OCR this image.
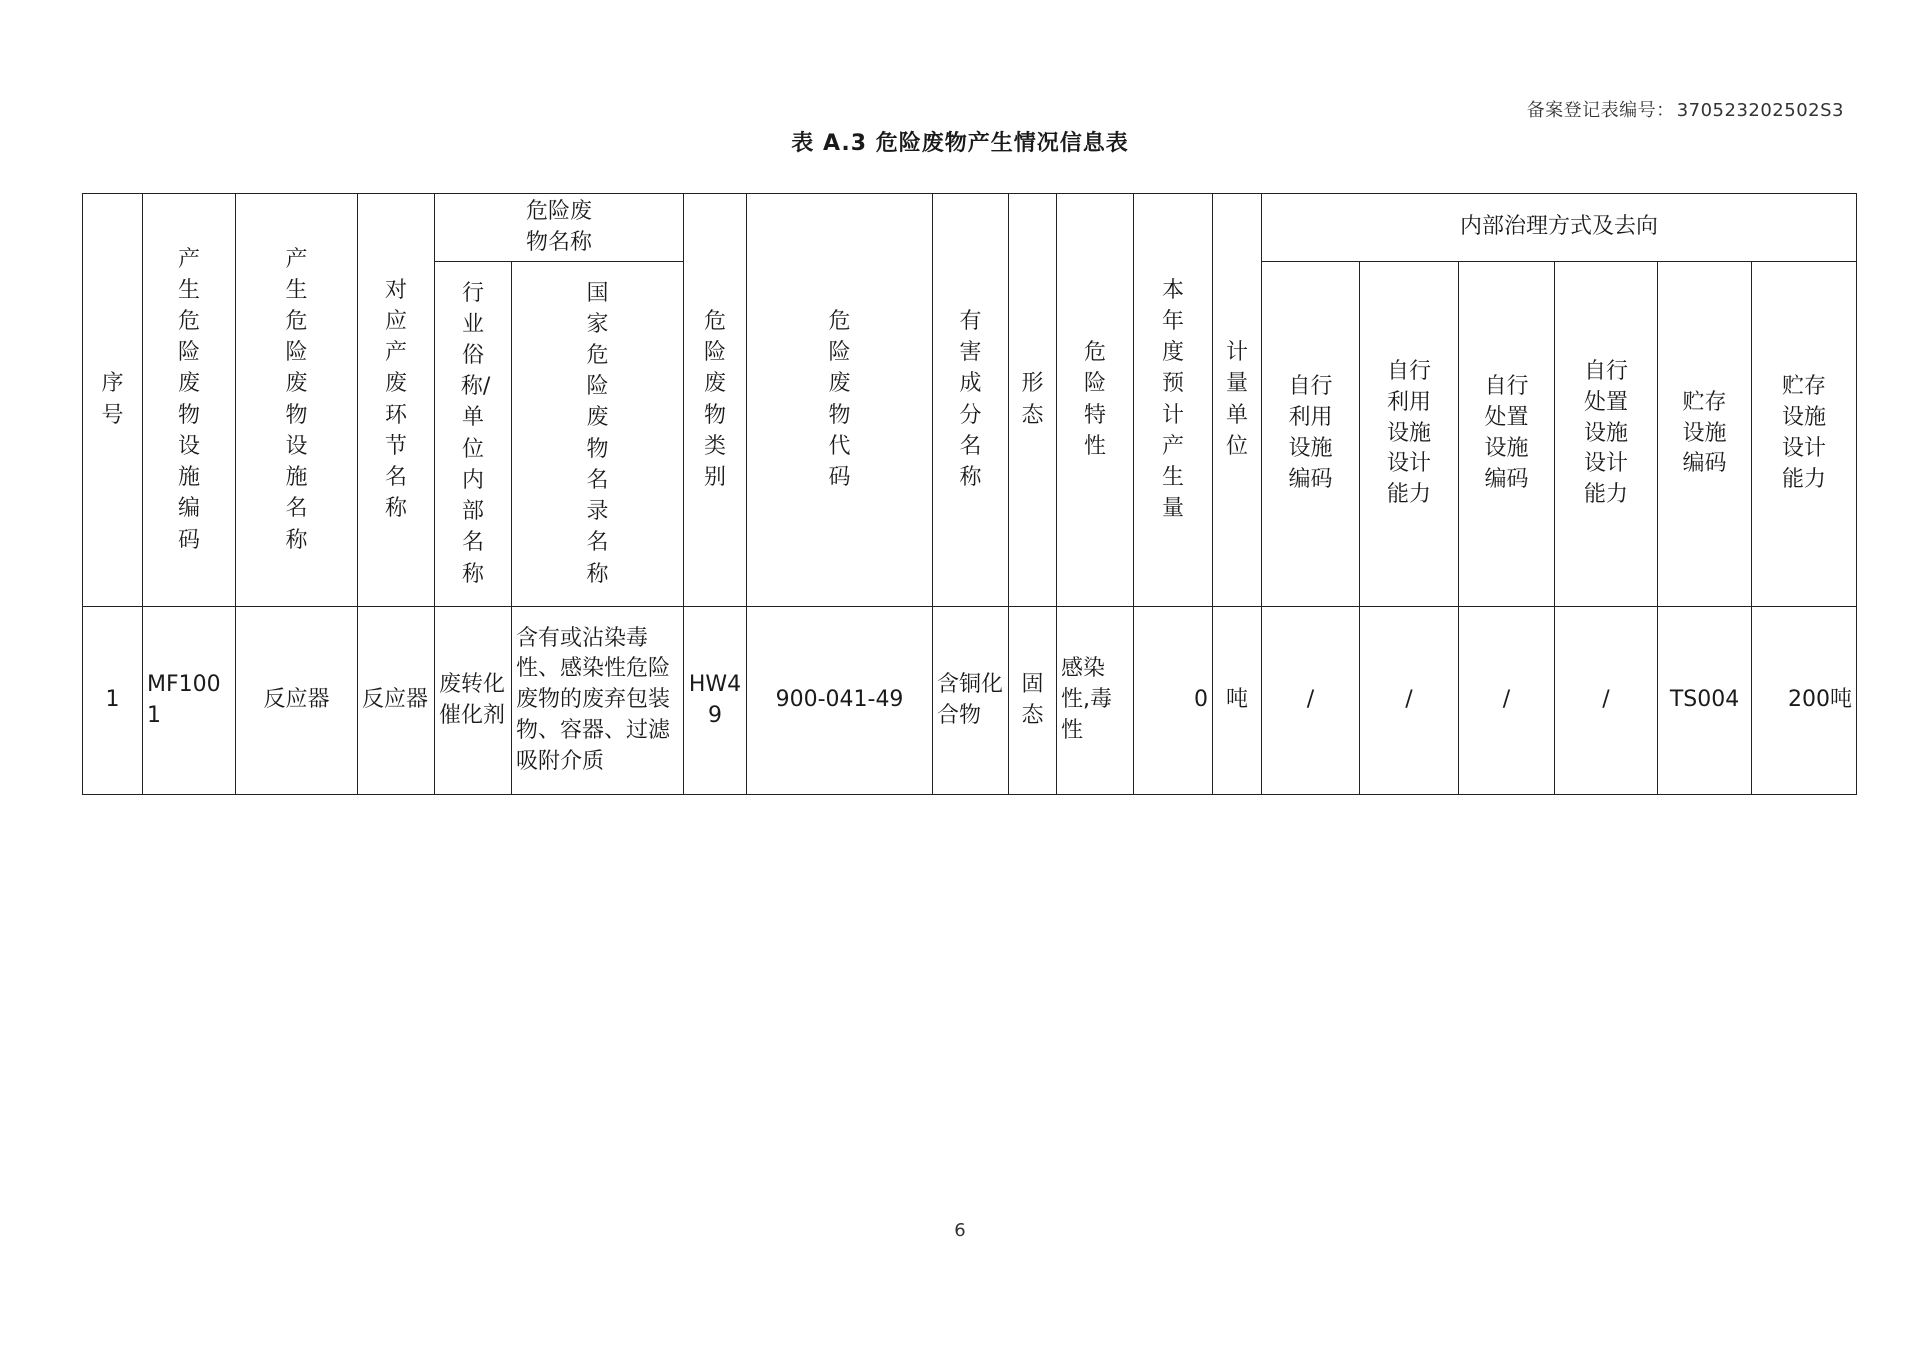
备案登记表编号： 370523202502S3
表 A.3 危险废物产生情况信息表
序号	产生危险废物设施编码	产生危险废物设施名称	对应产废环节名称	危险废物名称		危险废物类别	危险废物代码	有害成分名称	形态	危险特性	本年度预计产生量	计量单位	内部治理方式及去向					
				行业俗称/单位内部名称	国家危险废物名录名称								自行利用设施编码	自行利用设施设计能力	自行处置设施编码	自行处置设施设计能力	贮存设施编码	贮存设施设计能力
1	MF1001	反应器	反应器	废转化催化剂	含有或沾染毒性、感染性危险废物的废弃包装物、容器、过滤吸附介质	HW49	900-041-49	含铜化合物	固态	感染性,毒性	0	吨	/	/	/	/	TS004	200吨
6
